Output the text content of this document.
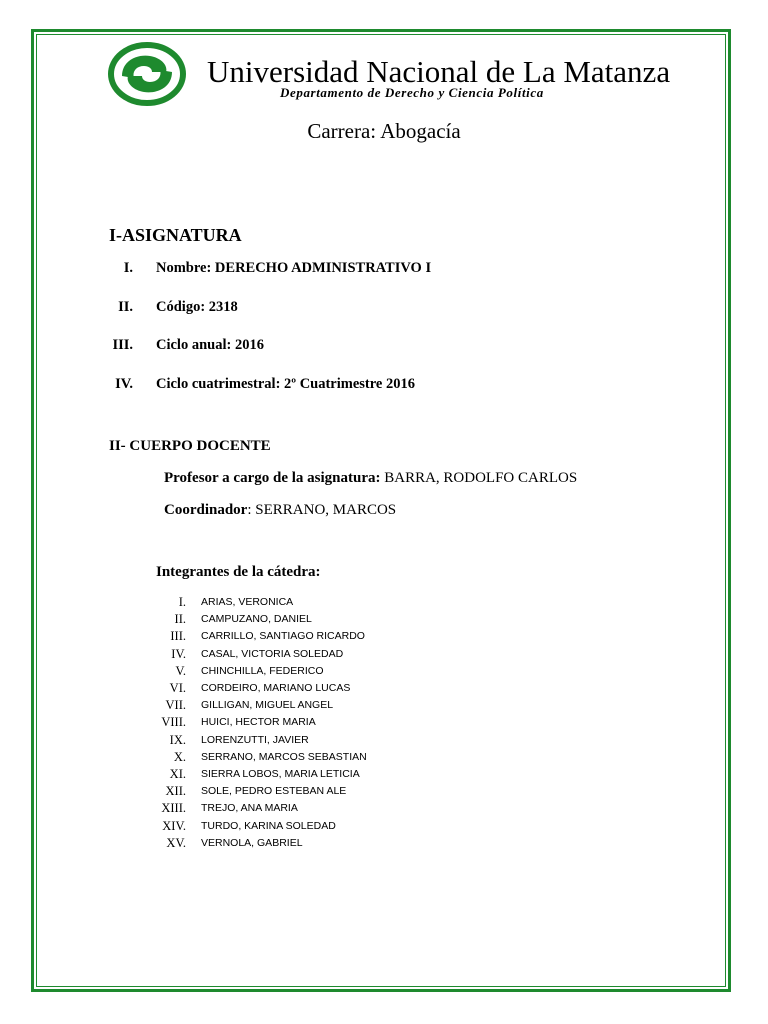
Universidad Nacional de La Matanza
Departamento de Derecho y Ciencia Política
Carrera: Abogacía
I-ASIGNATURA
I. Nombre: DERECHO ADMINISTRATIVO I
II. Código: 2318
III. Ciclo anual: 2016
IV. Ciclo cuatrimestral: 2º Cuatrimestre 2016
II- CUERPO DOCENTE
Profesor a cargo de la asignatura: BARRA, RODOLFO CARLOS
Coordinador: SERRANO, MARCOS
Integrantes de la cátedra:
I. ARIAS, VERONICA
II. CAMPUZANO, DANIEL
III. CARRILLO, SANTIAGO RICARDO
IV. CASAL, VICTORIA SOLEDAD
V. CHINCHILLA, FEDERICO
VI. CORDEIRO, MARIANO LUCAS
VII. GILLIGAN, MIGUEL ANGEL
VIII. HUICI, HECTOR MARIA
IX. LORENZUTTI, JAVIER
X. SERRANO, MARCOS SEBASTIAN
XI. SIERRA LOBOS, MARIA LETICIA
XII. SOLE, PEDRO ESTEBAN ALE
XIII. TREJO, ANA MARIA
XIV. TURDO, KARINA SOLEDAD
XV. VERNOLA, GABRIEL
